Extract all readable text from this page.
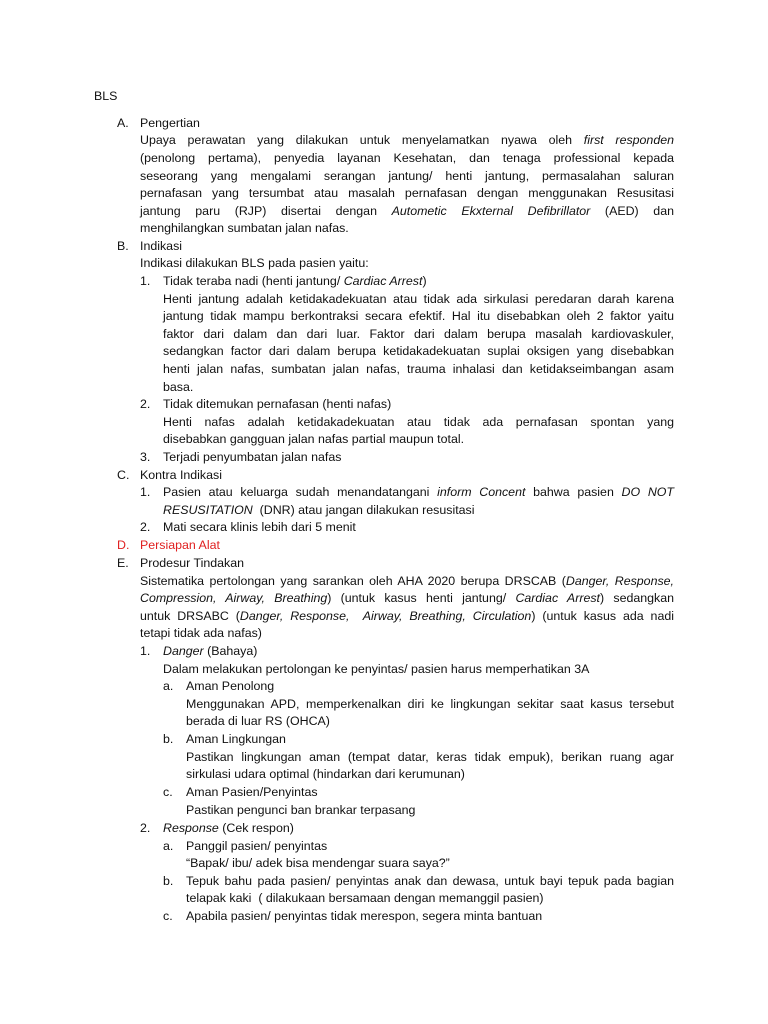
BLS
A. Pengertian
Upaya perawatan yang dilakukan untuk menyelamatkan nyawa oleh first responden
(penolong pertama), penyedia layanan Kesehatan, dan tenaga professional kepada
seseorang yang mengalami serangan jantung/ henti jantung, permasalahan saluran
pernafasan yang tersumbat atau masalah pernafasan dengan menggunakan Resusitasi
jantung paru (RJP) disertai dengan Autometic Ekxternal Defibrillator (AED) dan
menghilangkan sumbatan jalan nafas.
B. Indikasi
Indikasi dilakukan BLS pada pasien yaitu:
1. Tidak teraba nadi (henti jantung/ Cardiac Arrest)
Henti jantung adalah ketidakadekuatan atau tidak ada sirkulasi peredaran darah karena
jantung tidak mampu berkontraksi secara efektif. Hal itu disebabkan oleh 2 faktor yaitu
faktor dari dalam dan dari luar. Faktor dari dalam berupa masalah kardiovaskuler,
sedangkan factor dari dalam berupa ketidakadekuatan suplai oksigen yang disebabkan
henti jalan nafas, sumbatan jalan nafas, trauma inhalasi dan ketidakseimbangan asam
basa.
2. Tidak ditemukan pernafasan (henti nafas)
Henti nafas adalah ketidakadekuatan atau tidak ada pernafasan spontan yang
disebabkan gangguan jalan nafas partial maupun total.
3. Terjadi penyumbatan jalan nafas
C. Kontra Indikasi
1. Pasien atau keluarga sudah menandatangani inform Concent bahwa pasien DO NOT
RESUSITATION  (DNR) atau jangan dilakukan resusitasi
2. Mati secara klinis lebih dari 5 menit
D. Persiapan Alat
E. Prodesur Tindakan
Sistematika pertolongan yang sarankan oleh AHA 2020 berupa DRSCAB (Danger, Response,
Compression, Airway, Breathing) (untuk kasus henti jantung/ Cardiac Arrest) sedangkan
untuk DRSABC (Danger, Response,  Airway, Breathing, Circulation) (untuk kasus ada nadi
tetapi tidak ada nafas)
1. Danger (Bahaya)
Dalam melakukan pertolongan ke penyintas/ pasien harus memperhatikan 3A
a. Aman Penolong
Menggunakan APD, memperkenalkan diri ke lingkungan sekitar saat kasus tersebut
berada di luar RS (OHCA)
b. Aman Lingkungan
Pastikan lingkungan aman (tempat datar, keras tidak empuk), berikan ruang agar
sirkulasi udara optimal (hindarkan dari kerumunan)
c. Aman Pasien/Penyintas
Pastikan pengunci ban brankar terpasang
2. Response (Cek respon)
a. Panggil pasien/ penyintas
“Bapak/ ibu/ adek bisa mendengar suara saya?”
b. Tepuk bahu pada pasien/ penyintas anak dan dewasa, untuk bayi tepuk pada bagian
telapak kaki  ( dilakukaan bersamaan dengan memanggil pasien)
c. Apabila pasien/ penyintas tidak merespon, segera minta bantuan
